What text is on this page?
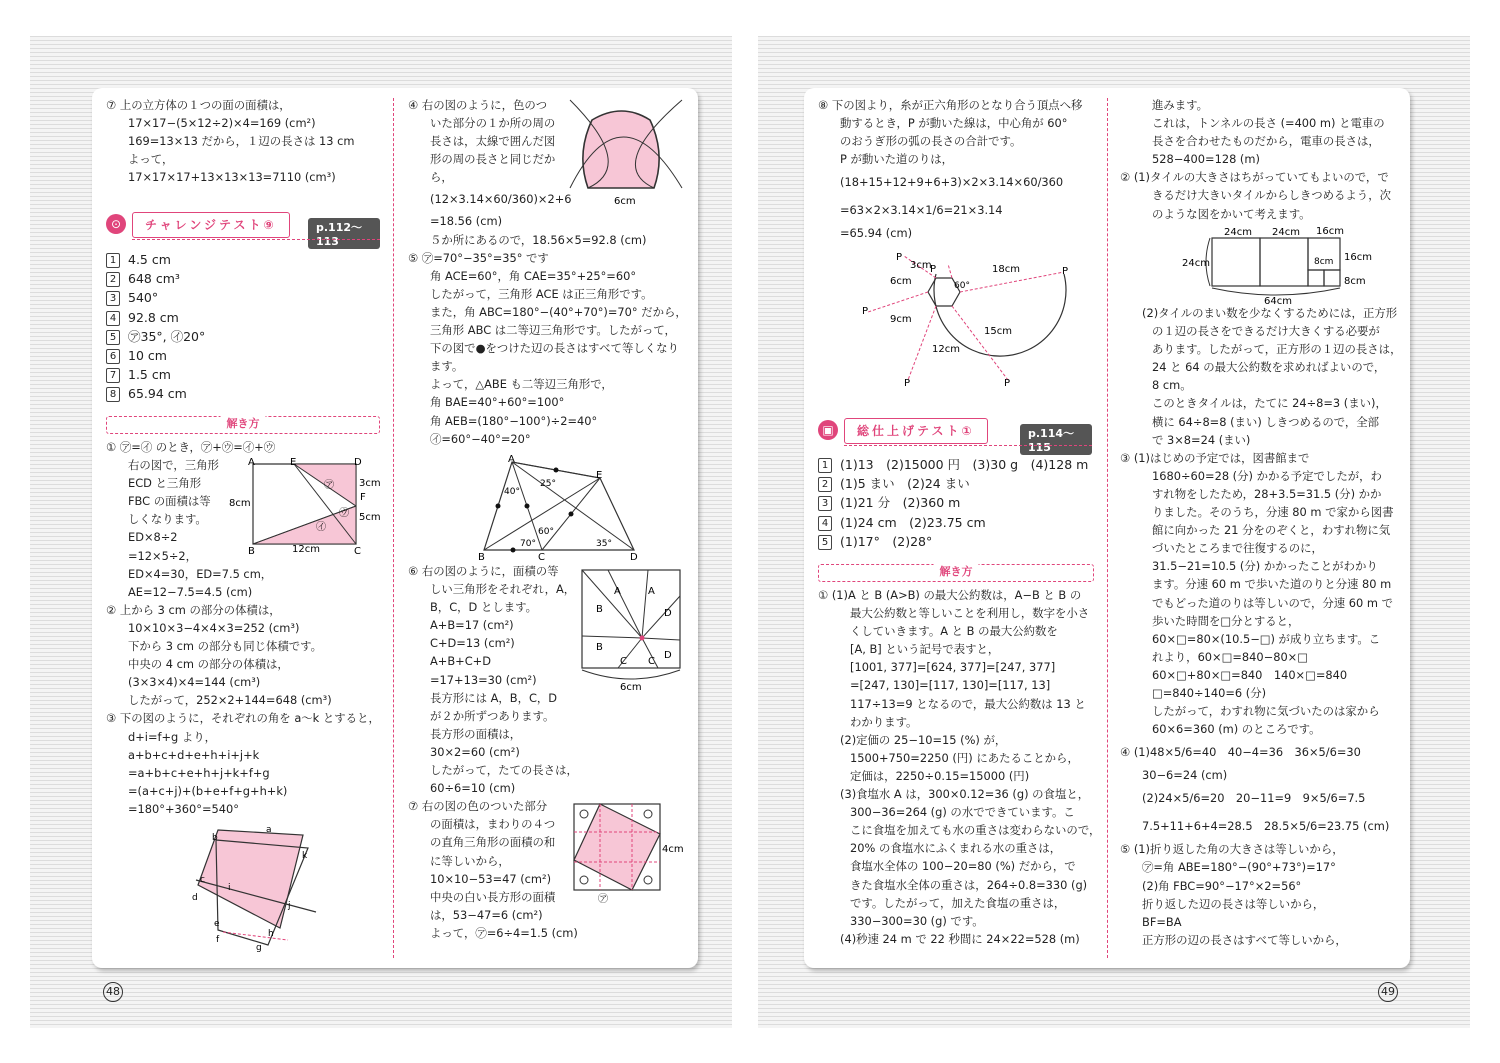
⑦ 上の立方体の１つの面の面積は，

17×17−(5×12÷2)×4=169 (cm²)

169=13×13 だから，１辺の長さは 13 cm

よって，

17×17×17+13×13×13=7110 (cm³)

⊙	チャレンジテスト⑨	p.112〜113

1 4.5 cm

2 648 cm³

3 540°

4 92.8 cm

5 ㋐35°, ㋑20°

6 10 cm

7 1.5 cm

8 65.94 cm

解き方

① ㋐=㋑ のとき，㋐+㋒=㋑+㋒

右の図で，三角形

ECD と三角形

FBC の面積は等

しくなります。

ED×8÷2

=12×5÷2，

ED×4=30，ED=7.5 cm，

AE=12−7.5=4.5 (cm)

② 上から 3 cm の部分の体積は，

10×10×3−4×4×3=252 (cm³)

下から 3 cm の部分も同じ体積です。

中央の 4 cm の部分の体積は，

(3×3×4)×4=144 (cm³)

したがって，252×2+144=648 (cm³)

③ 下の図のように，それぞれの角を a〜k とすると，

d+i=f+g より，

a+b+c+d+e+h+i+j+k

=a+b+c+e+h+j+k+f+g

=(a+c+j)+(b+e+f+g+h+k)

=180°+360°=540°

A	E	D
B	C
㋐
㋑
㋒
F
3cm
5cm
8cm
12cm
a
b
c
d
e
f
g
h
i
j
k

④ 右の図のように，色のつ

いた部分の１か所の周の

長さは，太線で囲んだ図

形の周の長さと同じだか

ら，

(12×3.14×60/360)×2+6

=18.56 (cm)

５か所にあるので，18.56×5=92.8 (cm)

⑤ ㋐=70°−35°=35° です

角 ACE=60°，角 CAE=35°+25°=60°

したがって，三角形 ACE は正三角形です。

また，角 ABC=180°−(40°+70°)=70° だから，

三角形 ABC は二等辺三角形です。したがって，

下の図で●をつけた辺の長さはすべて等しくなり

ます。

よって，△ABE も二等辺三角形で，

角 BAE=40°+60°=100°

角 AEB=(180°−100°)÷2=40°

㋑=60°−40°=20°

⑥ 右の図のように，面積の等

しい三角形をそれぞれ，A，

B，C，D とします。

A+B=17 (cm²)

C+D=13 (cm²)

A+B+C+D

=17+13=30 (cm²)

長方形には A，B，C，D

が２か所ずつあります。

長方形の面積は，

30×2=60 (cm²)

したがって，たての長さは，

60÷6=10 (cm)

⑦ 右の図の色のついた部分

の面積は，まわりの４つ

の直角三角形の面積の和

に等しいから，

10×10−53=47 (cm²)

中央の白い長方形の面積

は，53−47=6 (cm²)

よって，㋐=6÷4=1.5 (cm)

6cm
A
E
B	C	D
40°
25°
60°
70°	35°
A	A
B	D
B
D
C C
6cm
4cm
㋐
48

⑧ 下の図より，糸が正六角形のとなり合う頂点へ移

動するとき，P が動いた線は，中心角が 60°

のおうぎ形の弧の長さの合計です。

P が動いた道のりは，

(18+15+12+9+6+3)×2×3.14×60/360

=63×2×3.14×1/6=21×3.14

=65.94 (cm)

P
P	P
P
P	P
3cm
6cm
9cm
18cm
15cm
12cm
60°
▣	総仕上げテスト①	p.114〜115

1 (1)13　(2)15000 円　(3)30 g　(4)128 m

2 (1)5 まい　(2)24 まい

3 (1)21 分　(2)360 m

4 (1)24 cm　(2)23.75 cm

5 (1)17°　(2)28°

解き方

① (1)A と B (A>B) の最大公約数は，A−B と B の

最大公約数と等しいことを利用し，数字を小さ

くしていきます。A と B の最大公約数を

[A, B] という記号で表すと，

[1001, 377]=[624, 377]=[247, 377]

=[247, 130]=[117, 130]=[117, 13]

117÷13=9 となるので，最大公約数は 13 と

わかります。

(2)定価の 25−10=15 (%) が，

1500+750=2250 (円) にあたることから，

定価は，2250÷0.15=15000 (円)

(3)食塩水 A は，300×0.12=36 (g) の食塩と，

300−36=264 (g) の水でできています。こ

こに食塩を加えても水の重さは変わらないので，

20% の食塩水にふくまれる水の重さは，

食塩水全体の 100−20=80 (%) だから，で

きた食塩水全体の重さは，264÷0.8=330 (g)

です。したがって，加えた食塩の重さは，

330−300=30 (g) です。

(4)秒速 24 m で 22 秒間に 24×22=528 (m)

進みます。

これは，トンネルの長さ (=400 m) と電車の

長さを合わせたものだから，電車の長さは，

528−400=128 (m)

② (1)タイルの大きさはちがっていてもよいので，で

きるだけ大きいタイルからしきつめるよう，次

のような図をかいて考えます。

24cm 24cm 16cm
24cm	8cm 16cm
8cm
64cm

(2)タイルのまい数を少なくするためには，正方形

の１辺の長さをできるだけ大きくする必要が

あります。したがって，正方形の１辺の長さは，

24 と 64 の最大公約数を求めればよいので，

8 cm。

このときタイルは，たてに 24÷8=3 (まい)，

横に 64÷8=8 (まい) しきつめるので，全部

で 3×8=24 (まい)

③ (1)はじめの予定では，図書館まで

1680÷60=28 (分) かかる予定でしたが，わ

すれ物をしたため，28+3.5=31.5 (分) かか

りました。そのうち，分速 80 m で家から図書

館に向かった 21 分をのぞくと，わすれ物に気

づいたところまで往復するのに，

31.5−21=10.5 (分) かかったことがわかり

ます。分速 60 m で歩いた道のりと分速 80 m

でもどった道のりは等しいので，分速 60 m で

歩いた時間を□分とすると，

60×□=80×(10.5−□) が成り立ちます。こ

れより，60×□=840−80×□

60×□+80×□=840　140×□=840

□=840÷140=6 (分)

したがって，わすれ物に気づいたのは家から

60×6=360 (m) のところです。

④ (1)48×5/6=40　40−4=36　36×5/6=30

30−6=24 (cm)

(2)24×5/6=20　20−11=9　9×5/6=7.5

7.5+11+6+4=28.5　28.5×5/6=23.75 (cm)

⑤ (1)折り返した角の大きさは等しいから，

㋐=角 ABE=180°−(90°+73°)=17°

(2)角 FBC=90°−17°×2=56°

折り返した辺の長さは等しいから，

BF=BA

正方形の辺の長さはすべて等しいから，

49
